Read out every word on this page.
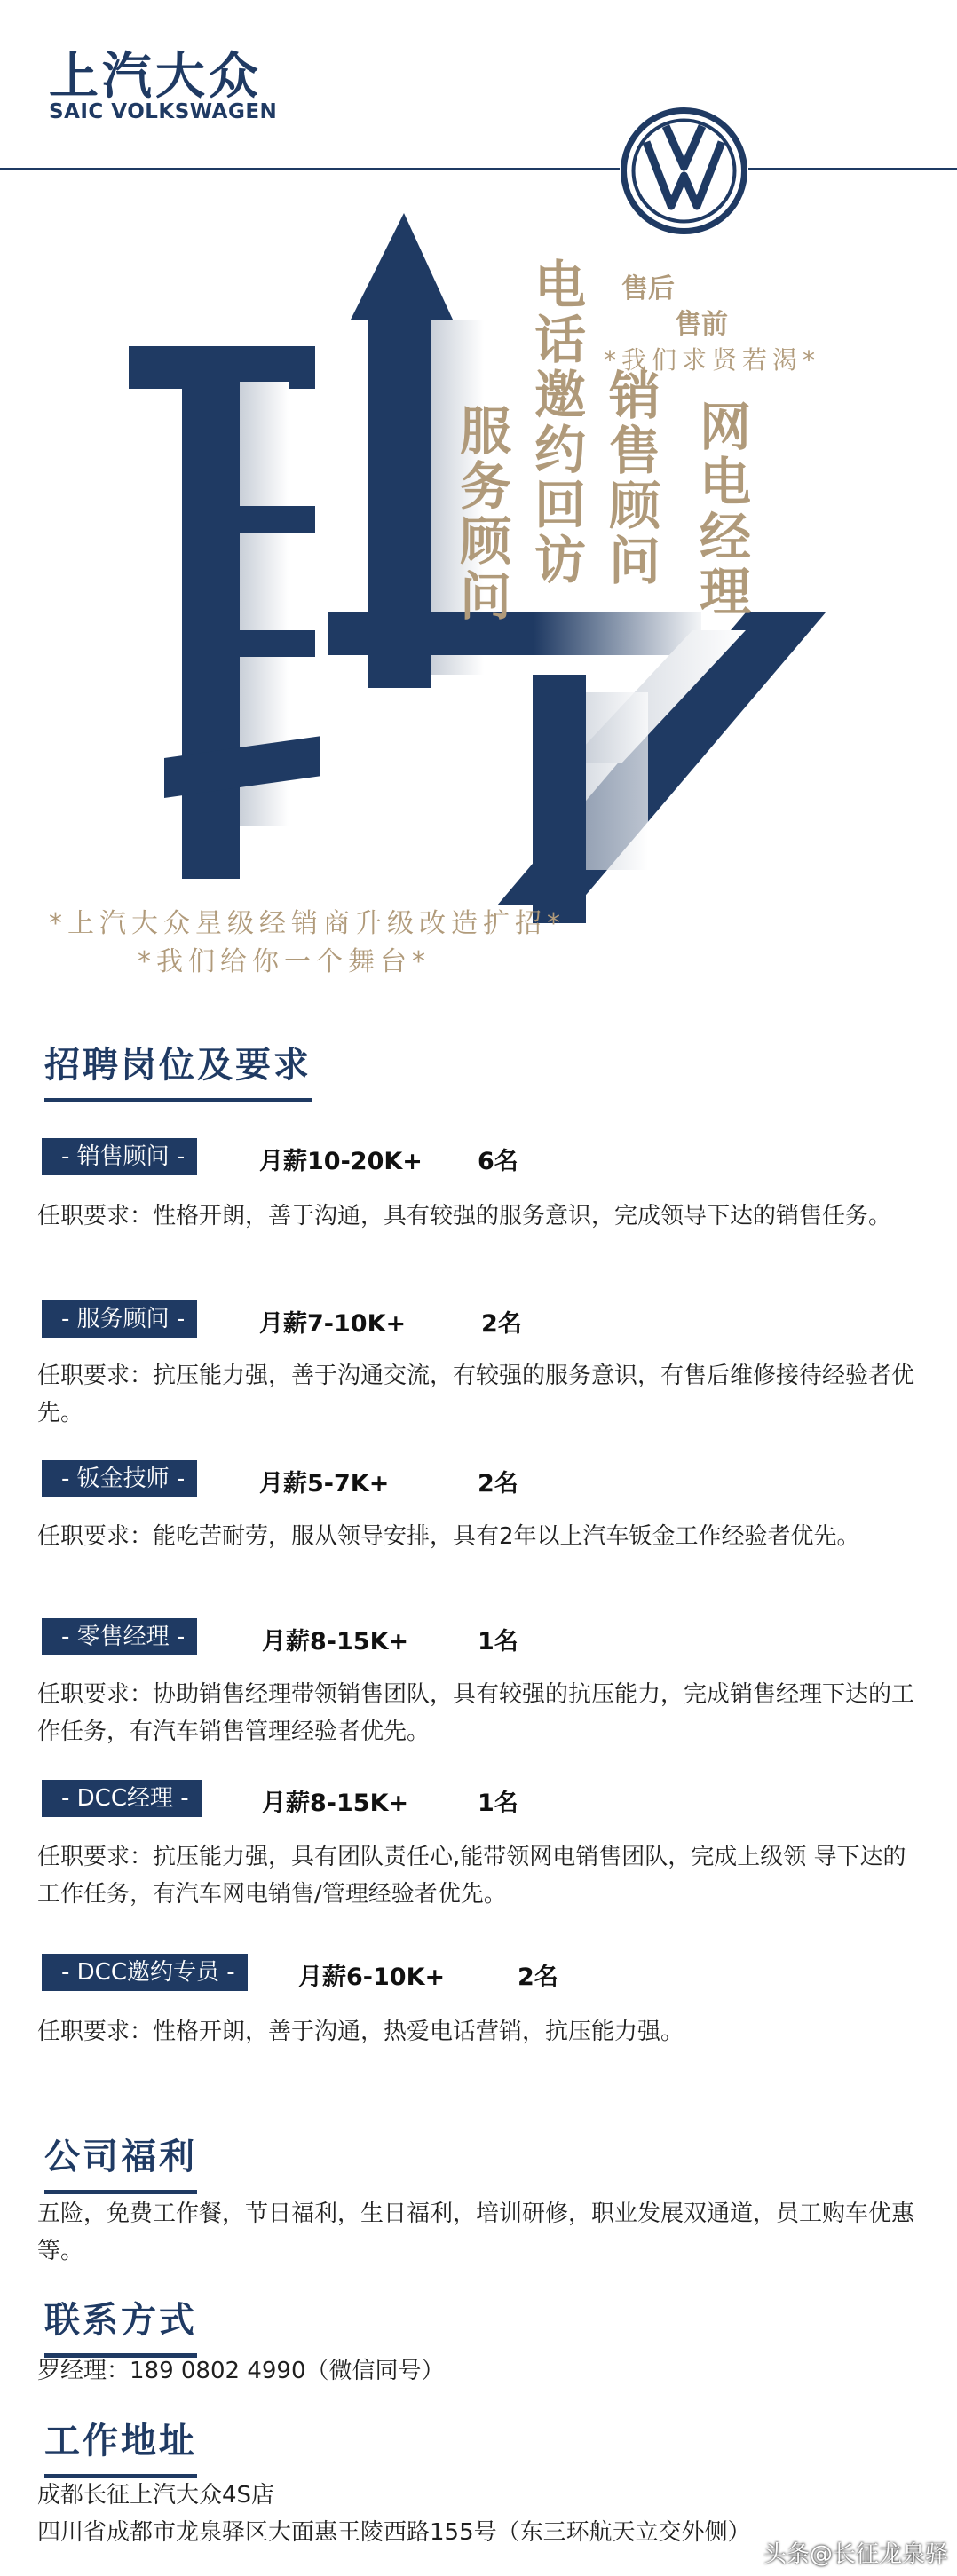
上汽大众
SAIC VOLKSWAGEN
服务顾问 电话邀约回访 销售顾问 网电经理
售后
售前
*我们求贤若渴*
*上汽大众星级经销商升级改造扩招*
*我们给你一个舞台*
招聘岗位及要求
- 销售顾问 -	月薪10-20K+ 6名
任职要求：性格开朗，善于沟通，具有较强的服务意识，完成领导下达的销售任务。
- 服务顾问 -	月薪7-10K+	2名
任职要求：抗压能力强，善于沟通交流，有较强的服务意识，有售后维修接待经验者优先。
- 钣金技师 -	月薪5-7K+	2名
任职要求：能吃苦耐劳，服从领导安排，具有2年以上汽车钣金工作经验者优先。
- 零售经理 -	月薪8-15K+	1名
任职要求：协助销售经理带领销售团队，具有较强的抗压能力，完成销售经理下达的工作任务，有汽车销售管理经验者优先。
- DCC经理 -	月薪8-15K+	1名
任职要求：抗压能力强，具有团队责任心,能带领网电销售团队，完成上级领 导下达的工作任务，有汽车网电销售/管理经验者优先。
- DCC邀约专员 -	月薪6-10K+	2名
任职要求：性格开朗，善于沟通，热爱电话营销，抗压能力强。
公司福利
五险，免费工作餐，节日福利，生日福利，培训研修，职业发展双通道，员工购车优惠等。
联系方式
罗经理：189 0802 4990（微信同号）
工作地址
成都长征上汽大众4S店
四川省成都市龙泉驿区大面惠王陵西路155号（东三环航天立交外侧）
头条@长征龙泉驿
